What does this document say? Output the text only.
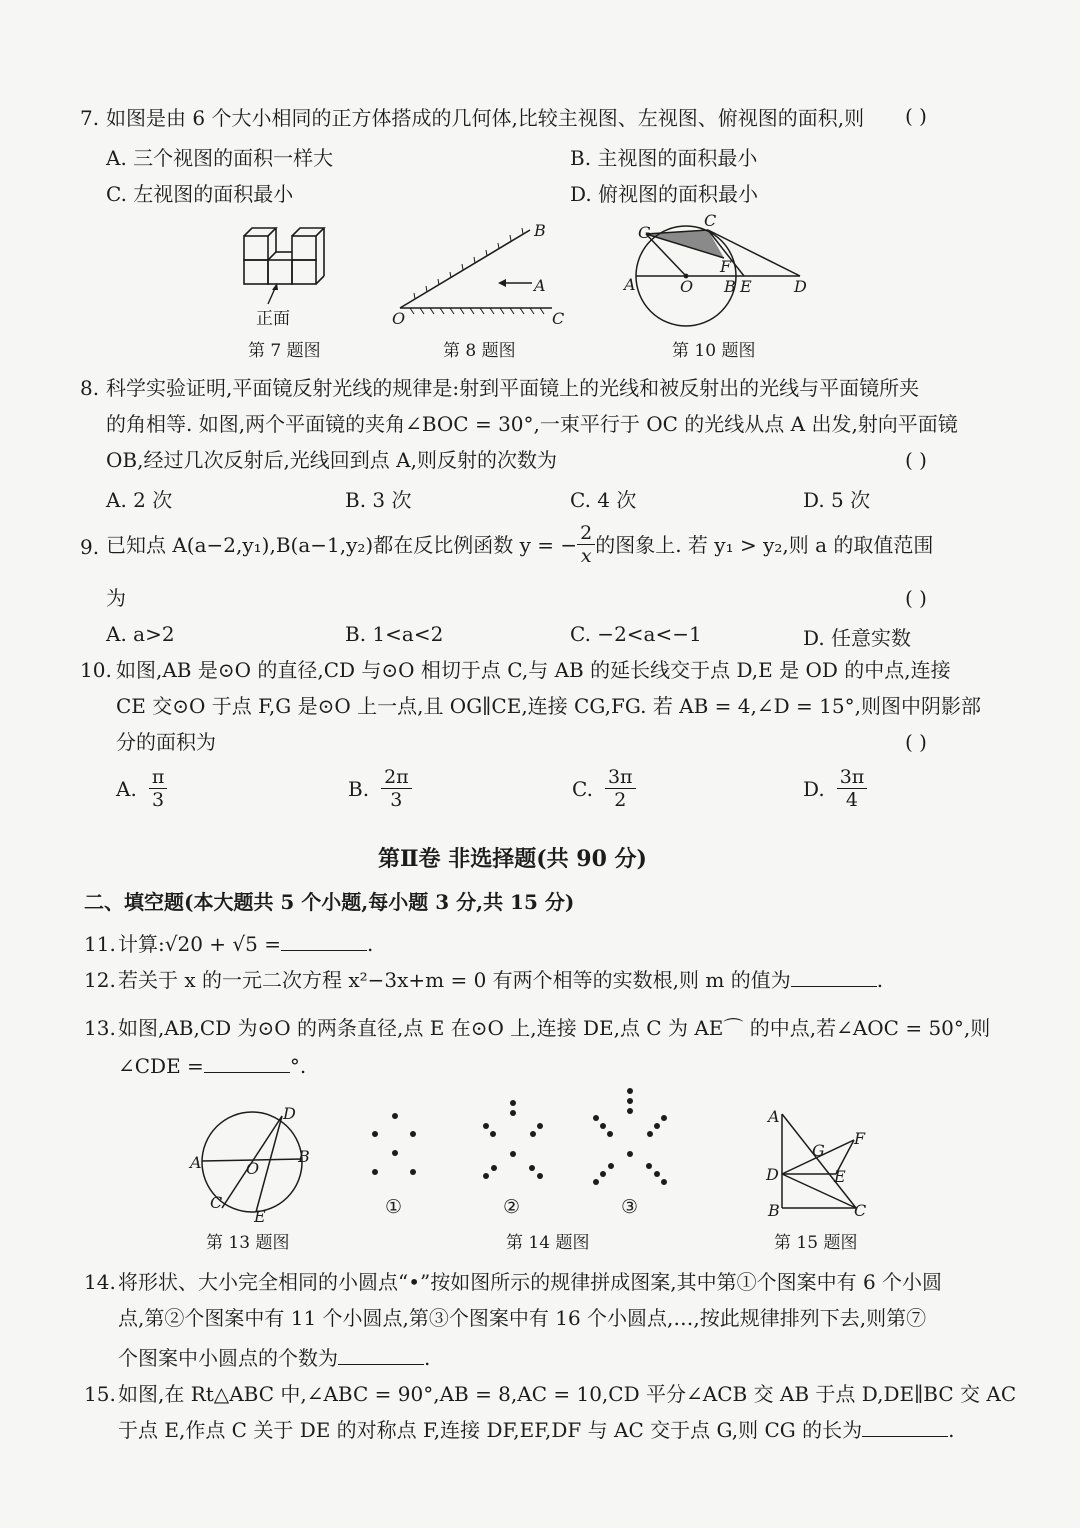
7. 如图是由 6 个大小相同的正方体搭成的几何体,比较主视图、左视图、俯视图的面积,则 ( )
A. 三个视图的面积一样大	B. 主视图的面积最小
C. 左视图的面积最小	D. 俯视图的面积最小
正面
第 7 题图
B
A
O	C
第 8 题图
G
C
F
A	O B E	D
第 10 题图
8. 科学实验证明,平面镜反射光线的规律是:射到平面镜上的光线和被反射出的光线与平面镜所夹
的角相等. 如图,两个平面镜的夹角∠BOC = 30°,一束平行于 OC 的光线从点 A 出发,射向平面镜
OB,经过几次反射后,光线回到点 A,则反射的次数为	( )
A. 2 次	B. 3 次	C. 4 次	D. 5 次
9. 已知点 A(a−2,y₁),B(a−1,y₂)都在反比例函数 y = − $\frac{2}{x}$ 的图象上. 若 y₁ > y₂,则 a 的取值范围
为	( )
A. a>2	B. 1<a<2	C. −2<a<−1	D. 任意实数
10. 如图,AB 是⊙O 的直径,CD 与⊙O 相切于点 C,与 AB 的延长线交于点 D,E 是 OD 的中点,连接
CE 交⊙O 于点 F,G 是⊙O 上一点,且 OG∥CE,连接 CG,FG. 若 AB = 4,∠D = 15°,则图中阴影部
分的面积为	( )
A. $\frac{\pi}{3}$	B. $\frac{2\pi}{3}$	C. $\frac{3\pi}{2}$	D. $\frac{3\pi}{4}$
第Ⅱ卷 非选择题(共 90 分)
二、填空题(本大题共 5 个小题,每小题 3 分,共 15 分)
11. 计算:√20 + √5 =	.
12. 若关于 x 的一元二次方程 x²−3x+m = 0 有两个相等的实数根,则 m 的值为	.
13. 如图,AB,CD 为⊙O 的两条直径,点 E 在⊙O 上,连接 DE,点 C 为 AE⌒ 的中点,若∠AOC = 50°,则
∠CDE =	°.
D
A	O
B
C
E
第 13 题图
①	②	③
第 14 题图
A
G
F
D	E
B	C
第 15 题图
14. 将形状、大小完全相同的小圆点“•”按如图所示的规律拼成图案,其中第①个图案中有 6 个小圆
点,第②个图案中有 11 个小圆点,第③个图案中有 16 个小圆点,…,按此规律排列下去,则第⑦
个图案中小圆点的个数为	.
15. 如图,在 Rt△ABC 中,∠ABC = 90°,AB = 8,AC = 10,CD 平分∠ACB 交 AB 于点 D,DE∥BC 交 AC
于点 E,作点 C 关于 DE 的对称点 F,连接 DF,EF,DF 与 AC 交于点 G,则 CG 的长为	.
